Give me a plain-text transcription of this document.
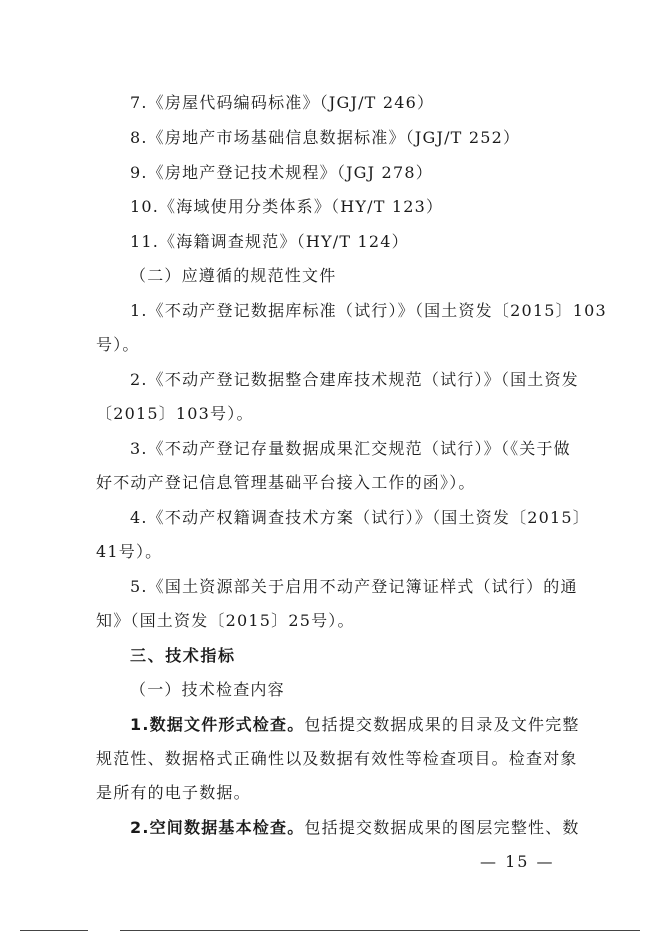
7.《房屋代码编码标准》（JGJ/T 246）
8.《房地产市场基础信息数据标准》（JGJ/T 252）
9.《房地产登记技术规程》（JGJ 278）
10.《海域使用分类体系》（HY/T 123）
11.《海籍调查规范》（HY/T 124）
（二）应遵循的规范性文件
1.《不动产登记数据库标准（试行）》（国土资发〔2015〕103
号）。
2.《不动产登记数据整合建库技术规范（试行）》（国土资发
〔2015〕103号）。
3.《不动产登记存量数据成果汇交规范（试行）》（《关于做
好不动产登记信息管理基础平台接入工作的函》）。
4.《不动产权籍调查技术方案（试行）》（国土资发〔2015〕
41号）。
5.《国土资源部关于启用不动产登记簿证样式（试行）的通
知》（国土资发〔2015〕25号）。
三、技术指标
（一）技术检查内容
1.数据文件形式检查。包括提交数据成果的目录及文件完整
规范性、数据格式正确性以及数据有效性等检查项目。检查对象
是所有的电子数据。
2.空间数据基本检查。包括提交数据成果的图层完整性、数
— 15 —
